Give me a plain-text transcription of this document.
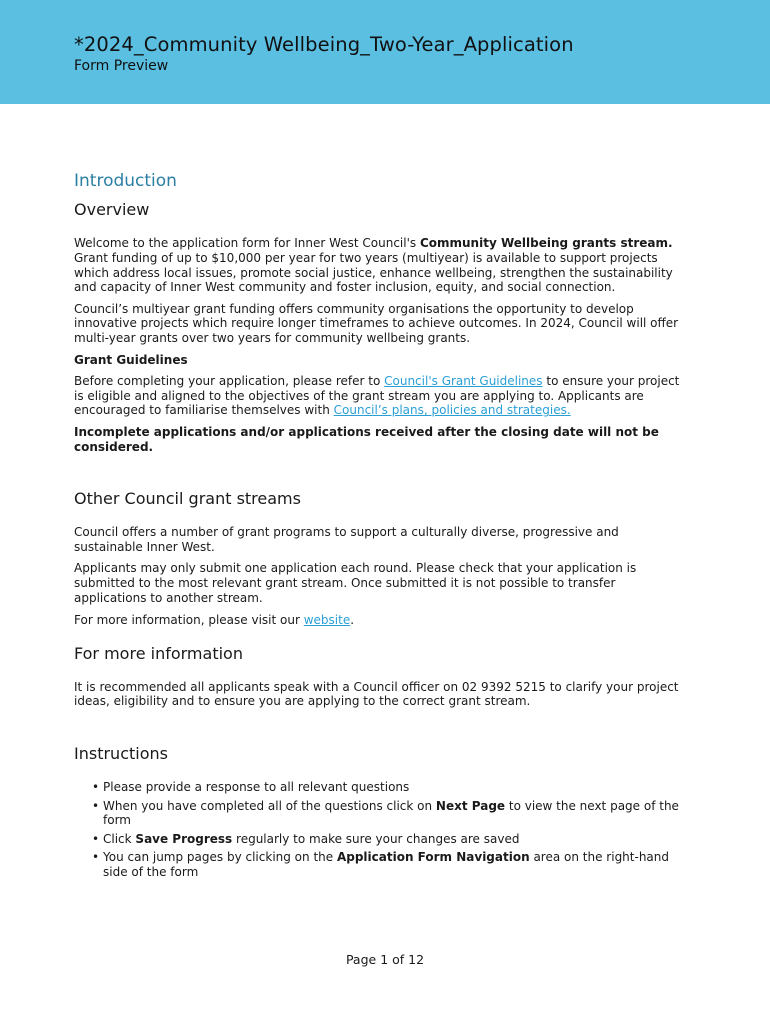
*2024_Community Wellbeing_Two-Year_Application
Form Preview
Introduction
Overview

Welcome to the application form for Inner West Council's Community Wellbeing grants stream. Grant funding of up to $10,000 per year for two years (multiyear) is available to support projects which address local issues, promote social justice, enhance wellbeing, strengthen the sustainability and capacity of Inner West community and foster inclusion, equity, and social connection.

Council’s multiyear grant funding offers community organisations the opportunity to develop innovative projects which require longer timeframes to achieve outcomes. In 2024, Council will offer multi-year grants over two years for community wellbeing grants.

Grant Guidelines

Before completing your application, please refer to Council's Grant Guidelines to ensure your project is eligible and aligned to the objectives of the grant stream you are applying to. Applicants are encouraged to familiarise themselves with Council’s plans, policies and strategies.

Incomplete applications and/or applications received after the closing date will not be considered.

Other Council grant streams

Council offers a number of grant programs to support a culturally diverse, progressive and sustainable Inner West.

Applicants may only submit one application each round. Please check that your application is submitted to the most relevant grant stream. Once submitted it is not possible to transfer applications to another stream.

For more information, please visit our website.

For more information

It is recommended all applicants speak with a Council officer on 02 9392 5215 to clarify your project ideas, eligibility and to ensure you are applying to the correct grant stream.

Instructions
• Please provide a response to all relevant questions
• When you have completed all of the questions click on Next Page to view the next page of the form
• Click Save Progress regularly to make sure your changes are saved
• You can jump pages by clicking on the Application Form Navigation area on the right-hand side of the form
Page 1 of 12
